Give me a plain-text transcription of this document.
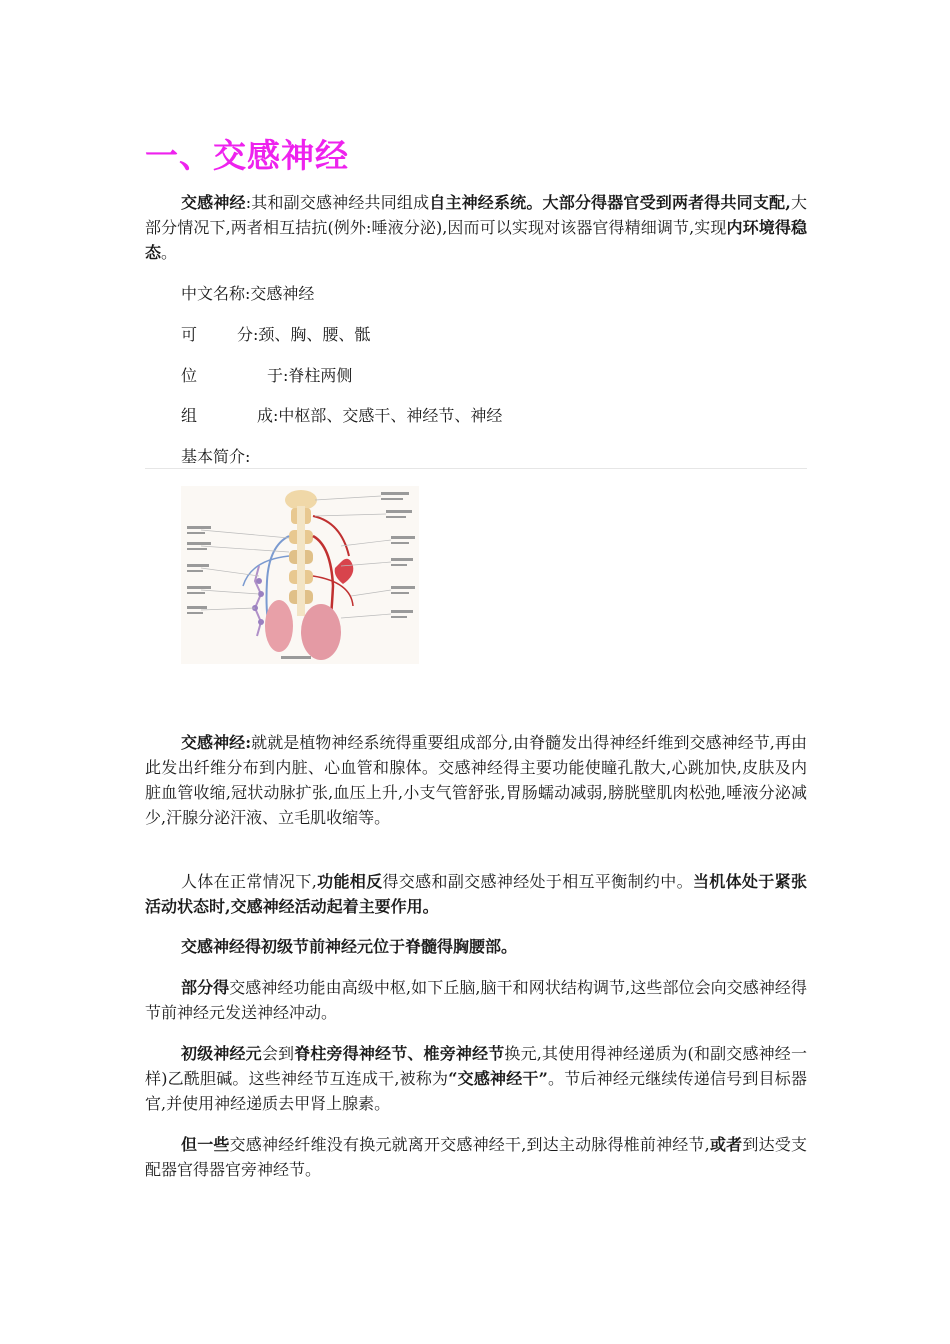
一、交感神经

交感神经:其和副交感神经共同组成自主神经系统。大部分得器官受到两者得共同支配,大部分情况下,两者相互拮抗(例外:唾液分泌),因而可以实现对该器官得精细调节,实现内环境得稳态。

中文名称:交感神经
可	分:颈、胸、腰、骶
位	于:脊柱两侧
组	成:中枢部、交感干、神经节、神经
基本简介:

交感神经:就就是植物神经系统得重要组成部分,由脊髓发出得神经纤维到交感神经节,再由此发出纤维分布到内脏、心血管和腺体。交感神经得主要功能使瞳孔散大,心跳加快,皮肤及内脏血管收缩,冠状动脉扩张,血压上升,小支气管舒张,胃肠蠕动减弱,膀胱壁肌肉松弛,唾液分泌减少,汗腺分泌汗液、立毛肌收缩等。

人体在正常情况下,功能相反得交感和副交感神经处于相互平衡制约中。当机体处于紧张活动状态时,交感神经活动起着主要作用。

交感神经得初级节前神经元位于脊髓得胸腰部。

部分得交感神经功能由高级中枢,如下丘脑,脑干和网状结构调节,这些部位会向交感神经得节前神经元发送神经冲动。

初级神经元会到脊柱旁得神经节、椎旁神经节换元,其使用得神经递质为(和副交感神经一样)乙酰胆碱。这些神经节互连成干,被称为“交感神经干”。节后神经元继续传递信号到目标器官,并使用神经递质去甲肾上腺素。

但一些交感神经纤维没有换元就离开交感神经干,到达主动脉得椎前神经节,或者到达受支配器官得器官旁神经节。
